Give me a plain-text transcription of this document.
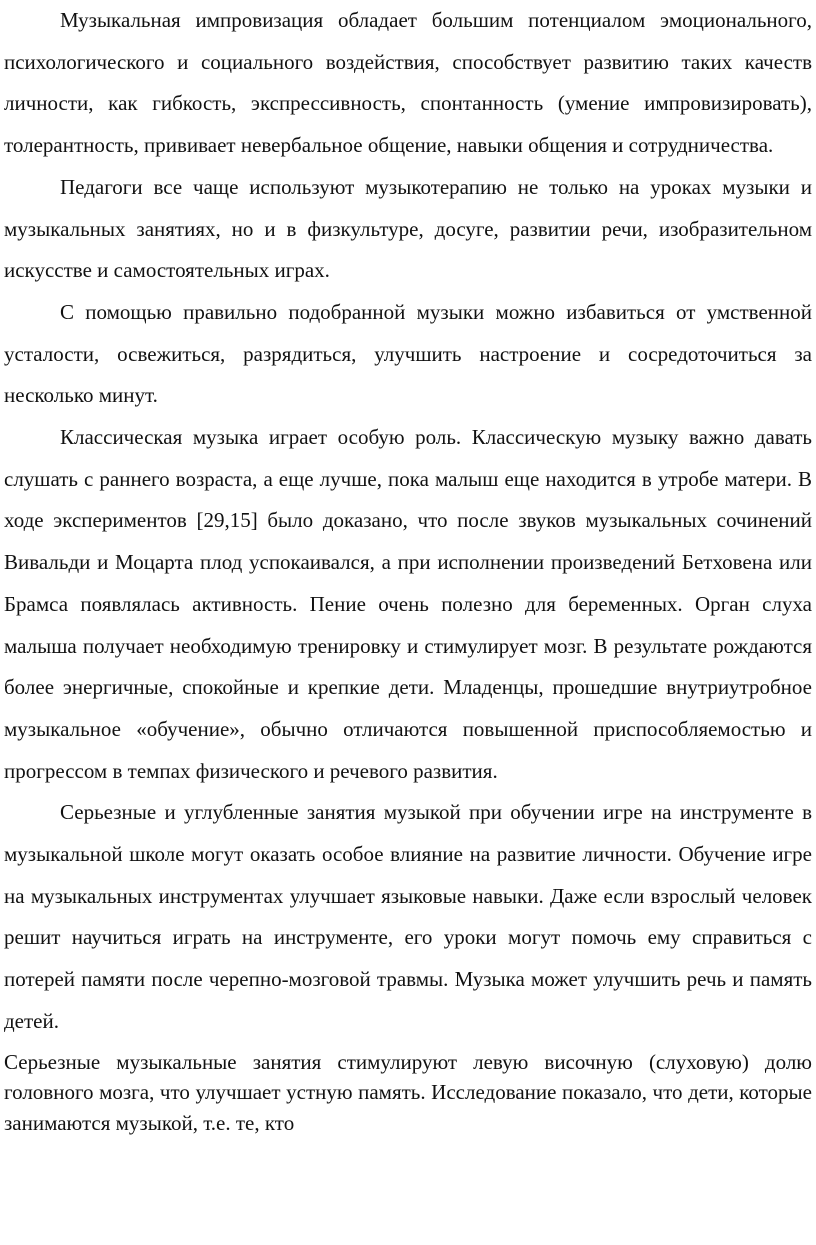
Музыкальная импровизация обладает большим потенциалом эмоционального, психологического и социального воздействия, способствует развитию таких качеств личности, как гибкость, экспрессивность, спонтанность (умение импровизировать), толерантность, прививает невербальное общение, навыки общения и сотрудничества.

Педагоги все чаще используют музыкотерапию не только на уроках музыки и музыкальных занятиях, но и в физкультуре, досуге, развитии речи, изобразительном искусстве и самостоятельных играх.

С помощью правильно подобранной музыки можно избавиться от умственной усталости, освежиться, разрядиться, улучшить настроение и сосредоточиться за несколько минут.

Классическая музыка играет особую роль. Классическую музыку важно давать слушать с раннего возраста, а еще лучше, пока малыш еще находится в утробе матери. В ходе экспериментов [29,15] было доказано, что после звуков музыкальных сочинений Вивальди и Моцарта плод успокаивался, а при исполнении произведений Бетховена или Брамса появлялась активность. Пение очень полезно для беременных. Орган слуха малыша получает необходимую тренировку и стимулирует мозг. В результате рождаются более энергичные, спокойные и крепкие дети. Младенцы, прошедшие внутриутробное музыкальное «обучение», обычно отличаются повышенной приспособляемостью и прогрессом в темпах физического и речевого развития.

Серьезные и углубленные занятия музыкой при обучении игре на инструменте в музыкальной школе могут оказать особое влияние на развитие личности. Обучение игре на музыкальных инструментах улучшает языковые навыки. Даже если взрослый человек решит научиться играть на инструменте, его уроки могут помочь ему справиться с потерей памяти после черепно-мозговой травмы. Музыка может улучшить речь и память детей.

Серьезные музыкальные занятия стимулируют левую височную (слуховую) долю головного мозга, что улучшает устную память. Исследование показало, что дети, которые занимаются музыкой, т.е. те, кто
